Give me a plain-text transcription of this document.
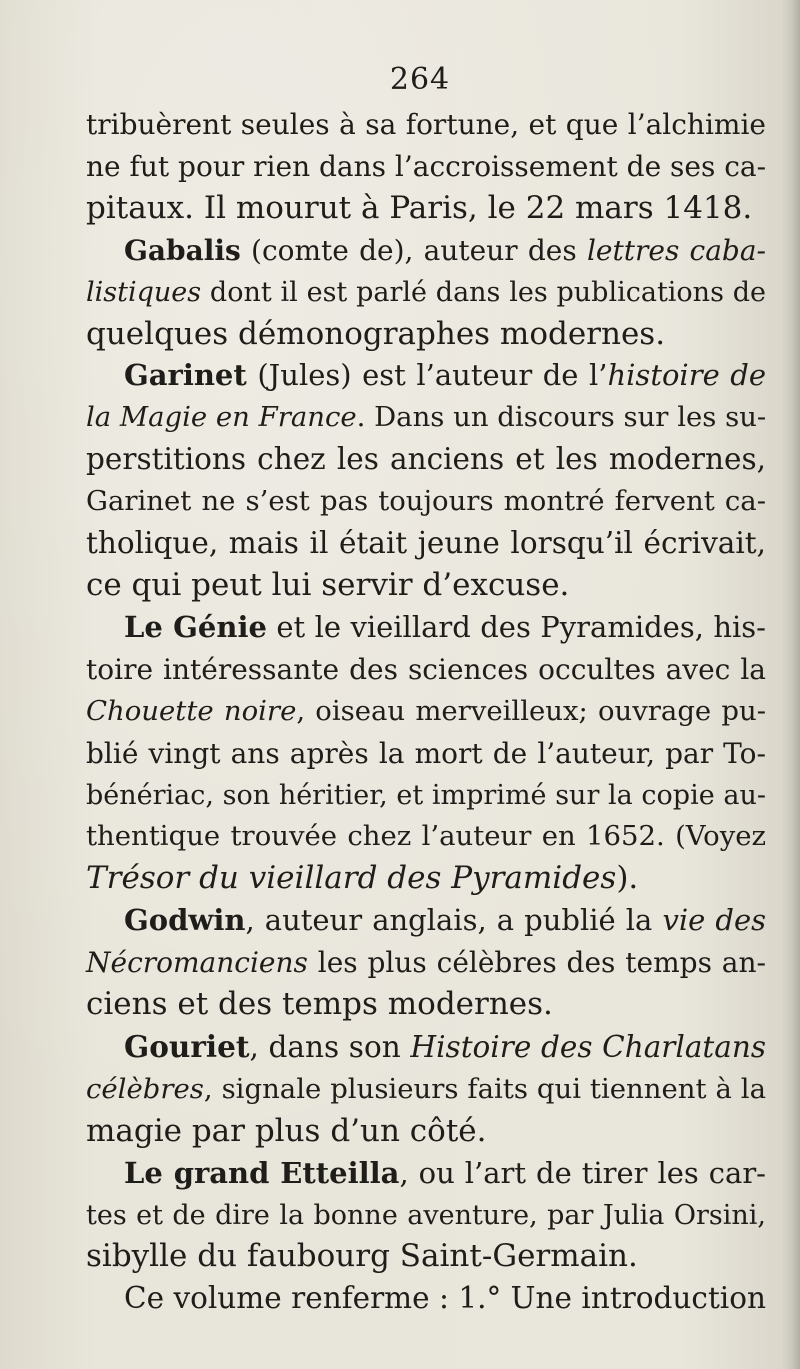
264
tribuèrent seules à sa fortune, et que l’alchimie
ne fut pour rien dans l’accroissement de ses ca-
pitaux. Il mourut à Paris, le 22 mars 1418.
Gabalis (comte de), auteur des lettres caba-
listiques dont il est parlé dans les publications de
quelques démonographes modernes.
Garinet (Jules) est l’auteur de l’histoire de
la Magie en France. Dans un discours sur les su-
perstitions chez les anciens et les modernes,
Garinet ne s’est pas toujours montré fervent ca-
tholique, mais il était jeune lorsqu’il écrivait,
ce qui peut lui servir d’excuse.
Le Génie et le vieillard des Pyramides, his-
toire intéressante des sciences occultes avec la
Chouette noire, oiseau merveilleux; ouvrage pu-
blié vingt ans après la mort de l’auteur, par To-
bénériac, son héritier, et imprimé sur la copie au-
thentique trouvée chez l’auteur en 1652. (Voyez
Trésor du vieillard des Pyramides).
Godwin, auteur anglais, a publié la vie des
Nécromanciens les plus célèbres des temps an-
ciens et des temps modernes.
Gouriet, dans son Histoire des Charlatans
célèbres, signale plusieurs faits qui tiennent à la
magie par plus d’un côté.
Le grand Etteilla, ou l’art de tirer les car-
tes et de dire la bonne aventure, par Julia Orsini,
sibylle du faubourg Saint-Germain.
Ce volume renferme : 1.° Une introduction
